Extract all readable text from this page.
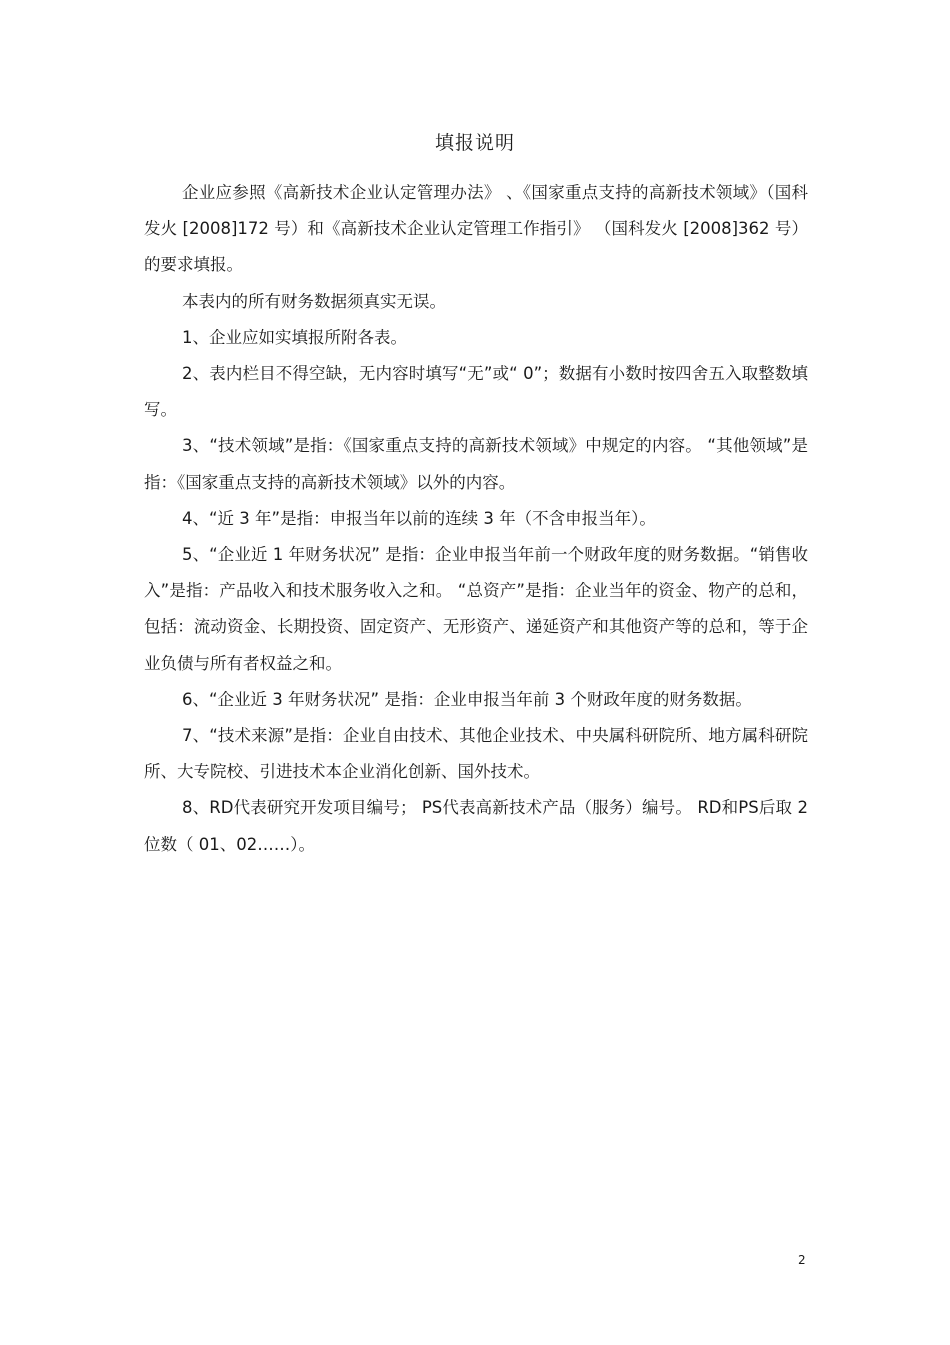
填报说明

企业应参照《高新技术企业认定管理办法》 、《国家重点支持的高新技术领域》（国科发火 [2008]172 号）和《高新技术企业认定管理工作指引》 （国科发火 [2008]362 号）的要求填报。

本表内的所有财务数据须真实无误。

1、企业应如实填报所附各表。

2、表内栏目不得空缺，无内容时填写“无”或“ 0”；数据有小数时按四舍五入取整数填写。

3、“技术领域”是指：《国家重点支持的高新技术领域》中规定的内容。 “其他领域”是指：《国家重点支持的高新技术领域》以外的内容。

4、“近 3 年”是指：申报当年以前的连续 3 年（不含申报当年）。

5、“企业近 1 年财务状况” 是指：企业申报当年前一个财政年度的财务数据。“销售收入”是指：产品收入和技术服务收入之和。 “总资产”是指：企业当年的资金、物产的总和，包括：流动资金、长期投资、固定资产、无形资产、递延资产和其他资产等的总和，等于企业负债与所有者权益之和。

6、“企业近 3 年财务状况” 是指：企业申报当年前 3 个财政年度的财务数据。

7、“技术来源”是指：企业自由技术、其他企业技术、中央属科研院所、地方属科研院所、大专院校、引进技术本企业消化创新、国外技术。

8、RD代表研究开发项目编号； PS代表高新技术产品（服务）编号。 RD和PS后取 2 位数（ 01、02……）。

2
